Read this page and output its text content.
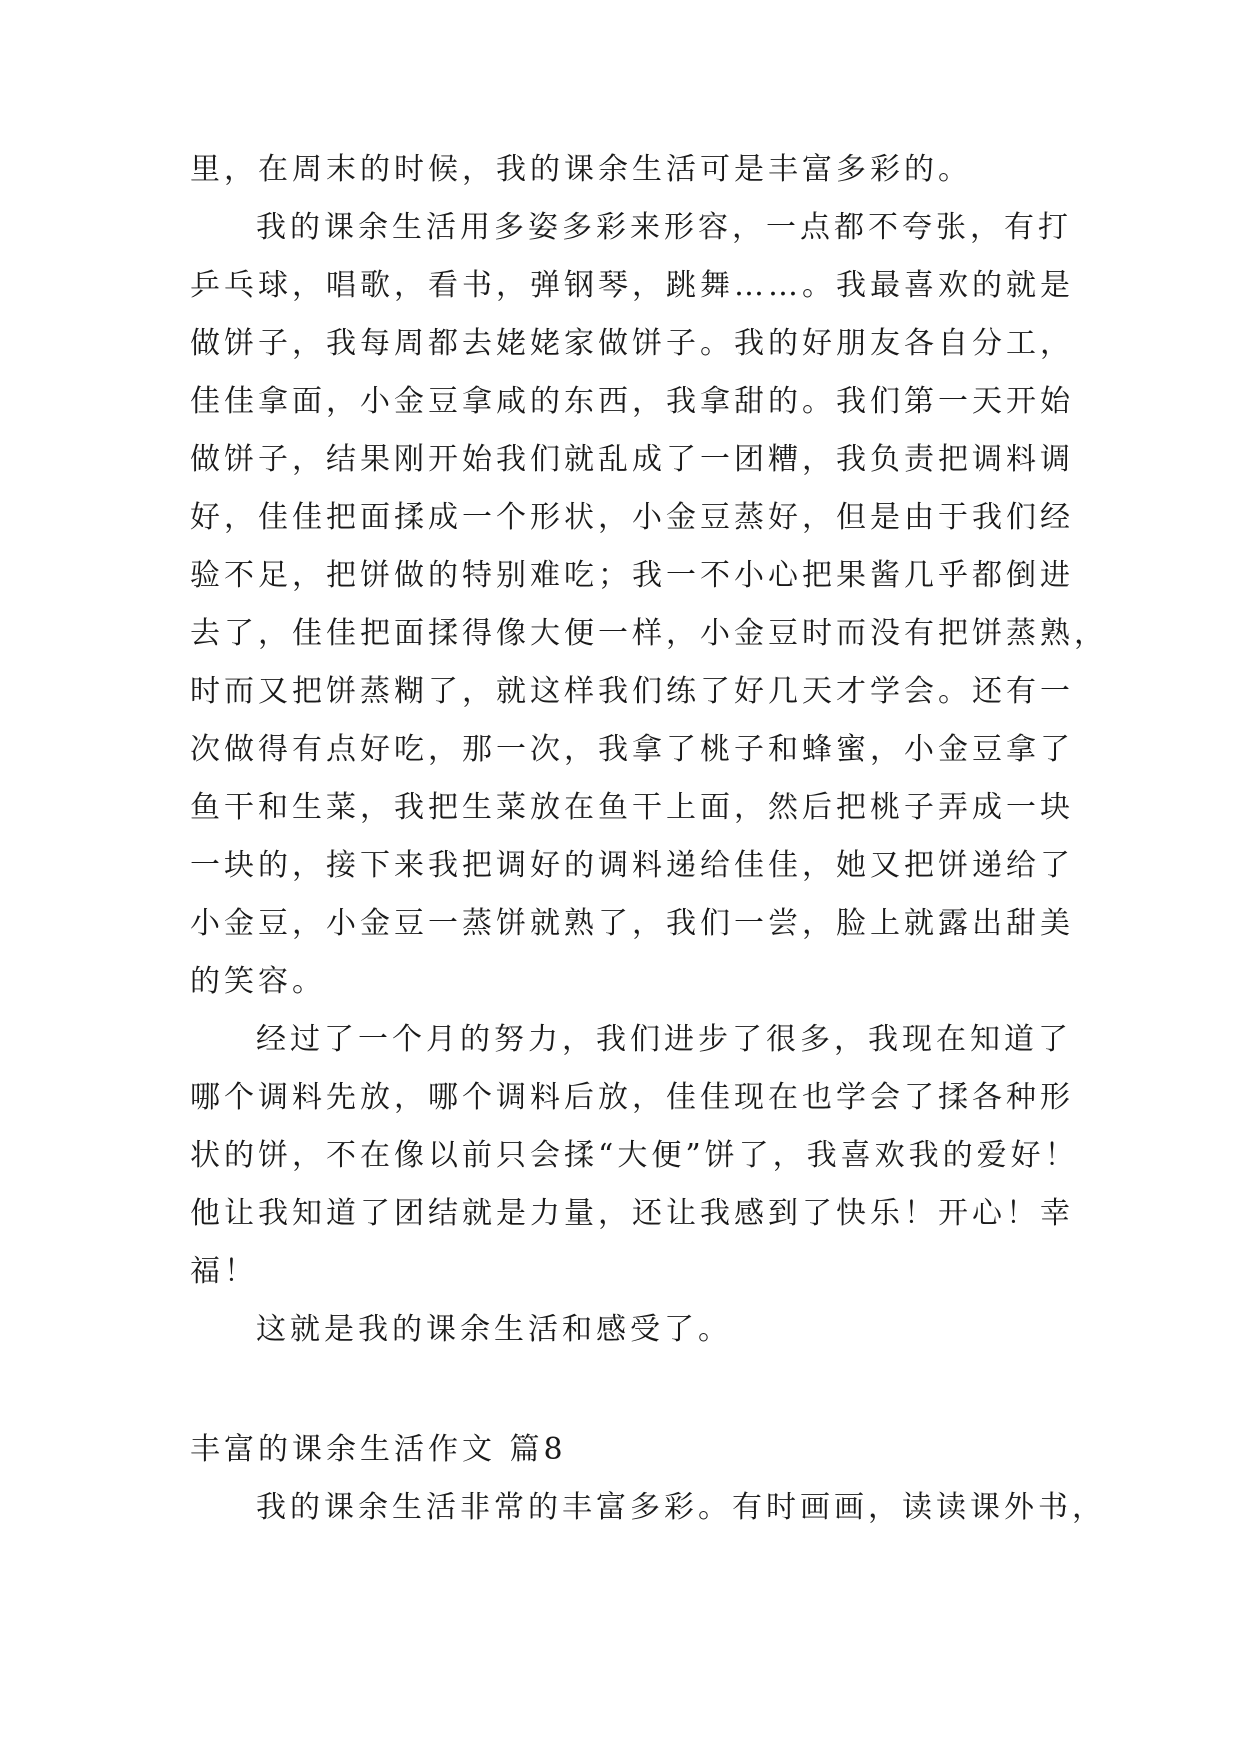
里，在周末的时候，我的课余生活可是丰富多彩的。
我的课余生活用多姿多彩来形容，一点都不夸张，有打
乒乓球，唱歌，看书，弹钢琴，跳舞……。我最喜欢的就是
做饼子，我每周都去姥姥家做饼子。我的好朋友各自分工，
佳佳拿面，小金豆拿咸的东西，我拿甜的。我们第一天开始
做饼子，结果刚开始我们就乱成了一团糟，我负责把调料调
好，佳佳把面揉成一个形状，小金豆蒸好，但是由于我们经
验不足，把饼做的特别难吃；我一不小心把果酱几乎都倒进
去了，佳佳把面揉得像大便一样，小金豆时而没有把饼蒸熟，
时而又把饼蒸糊了，就这样我们练了好几天才学会。还有一
次做得有点好吃，那一次，我拿了桃子和蜂蜜，小金豆拿了
鱼干和生菜，我把生菜放在鱼干上面，然后把桃子弄成一块
一块的，接下来我把调好的调料递给佳佳，她又把饼递给了
小金豆，小金豆一蒸饼就熟了，我们一尝，脸上就露出甜美
的笑容。
经过了一个月的努力，我们进步了很多，我现在知道了
哪个调料先放，哪个调料后放，佳佳现在也学会了揉各种形
状的饼，不在像以前只会揉“大便”饼了，我喜欢我的爱好！
他让我知道了团结就是力量，还让我感到了快乐！开心！幸
福！
这就是我的课余生活和感受了。
丰富的课余生活作文 篇8
我的课余生活非常的丰富多彩。有时画画，读读课外书，
